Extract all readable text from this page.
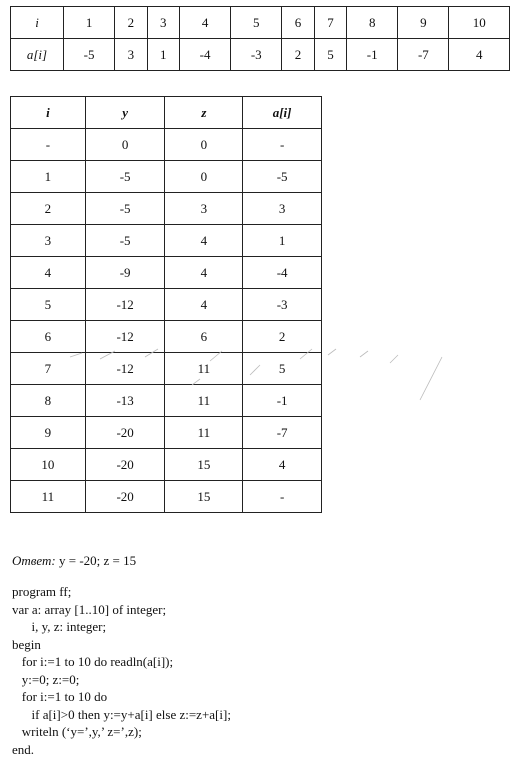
i	1	2	3	4	5	6	7	8	9	10
a[i]	-5	3	1	-4	-3	2	5	-1	-7	4
i	y	z	a[i]
-	0	0	-
1	-5	0	-5
2	-5	3	3
3	-5	4	1
4	-9	4	-4
5	-12	4	-3
6	-12	6	2
7	-12	11	5
8	-13	11	-1
9	-20	11	-7
10	-20	15	4
11	-20	15	-
Ответ: y = -20; z = 15
program ff;
var a: array [1..10] of integer;
i, y, z: integer;
begin
for i:=1 to 10 do readln(a[i]);
y:=0; z:=0;
for i:=1 to 10 do
if a[i]>0 then y:=y+a[i] else z:=z+a[i];
writeln (‘y=’,y,’ z=’,z);
end.
